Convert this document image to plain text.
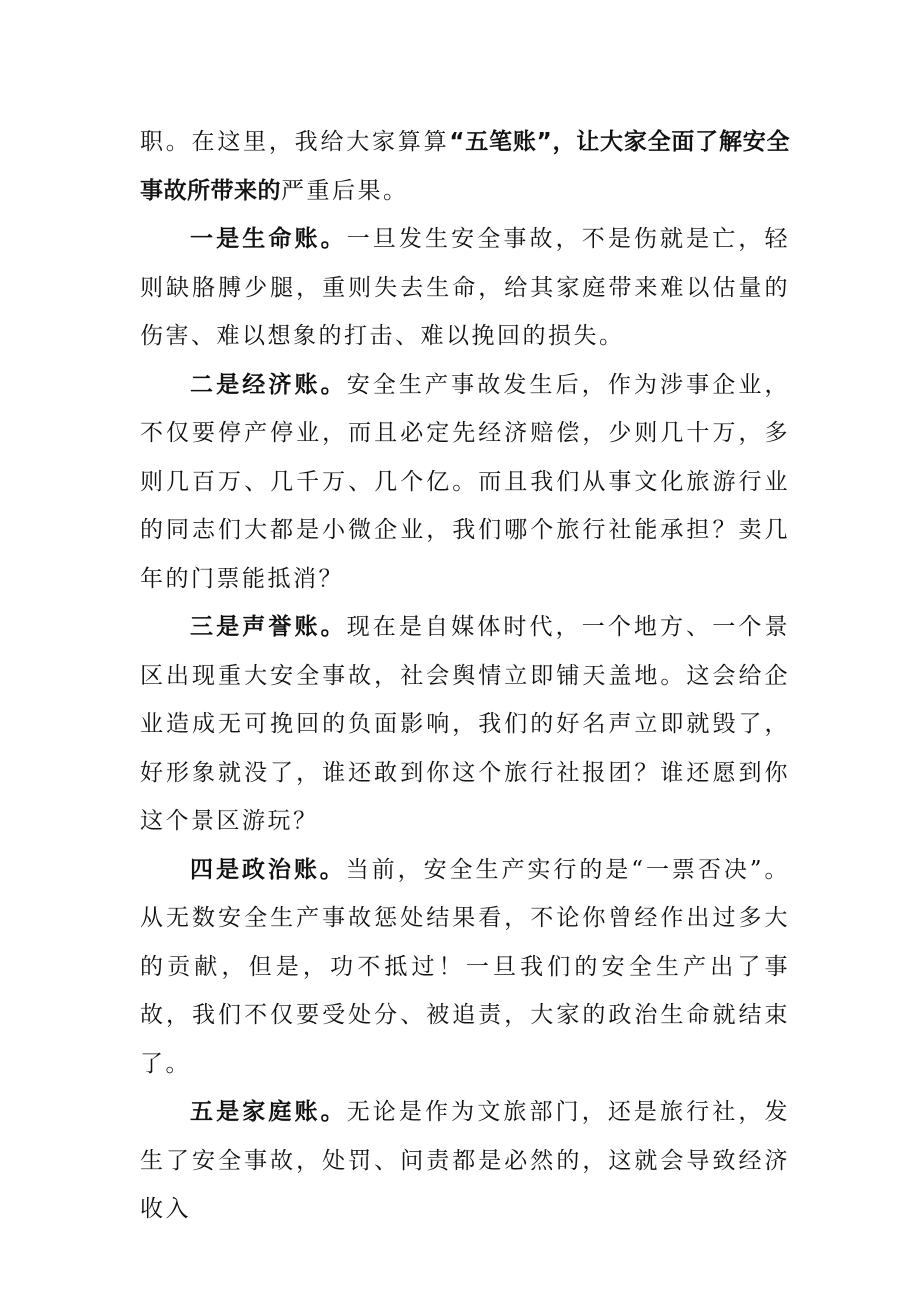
职。在这里，我给大家算算“五笔账”，让大家全面了解安全事故所带来的严重后果。

一是生命账。一旦发生安全事故，不是伤就是亡，轻则缺胳膊少腿，重则失去生命，给其家庭带来难以估量的伤害、难以想象的打击、难以挽回的损失。

二是经济账。安全生产事故发生后，作为涉事企业，不仅要停产停业，而且必定先经济赔偿，少则几十万，多则几百万、几千万、几个亿。而且我们从事文化旅游行业的同志们大都是小微企业，我们哪个旅行社能承担？卖几年的门票能抵消？

三是声誉账。现在是自媒体时代，一个地方、一个景区出现重大安全事故，社会舆情立即铺天盖地。这会给企业造成无可挽回的负面影响，我们的好名声立即就毁了，好形象就没了，谁还敢到你这个旅行社报团？谁还愿到你这个景区游玩？

四是政治账。当前，安全生产实行的是“一票否决”。从无数安全生产事故惩处结果看，不论你曾经作出过多大的贡献，但是，功不抵过！一旦我们的安全生产出了事故，我们不仅要受处分、被追责，大家的政治生命就结束了。

五是家庭账。无论是作为文旅部门，还是旅行社，发生了安全事故，处罚、问责都是必然的，这就会导致经济收入
